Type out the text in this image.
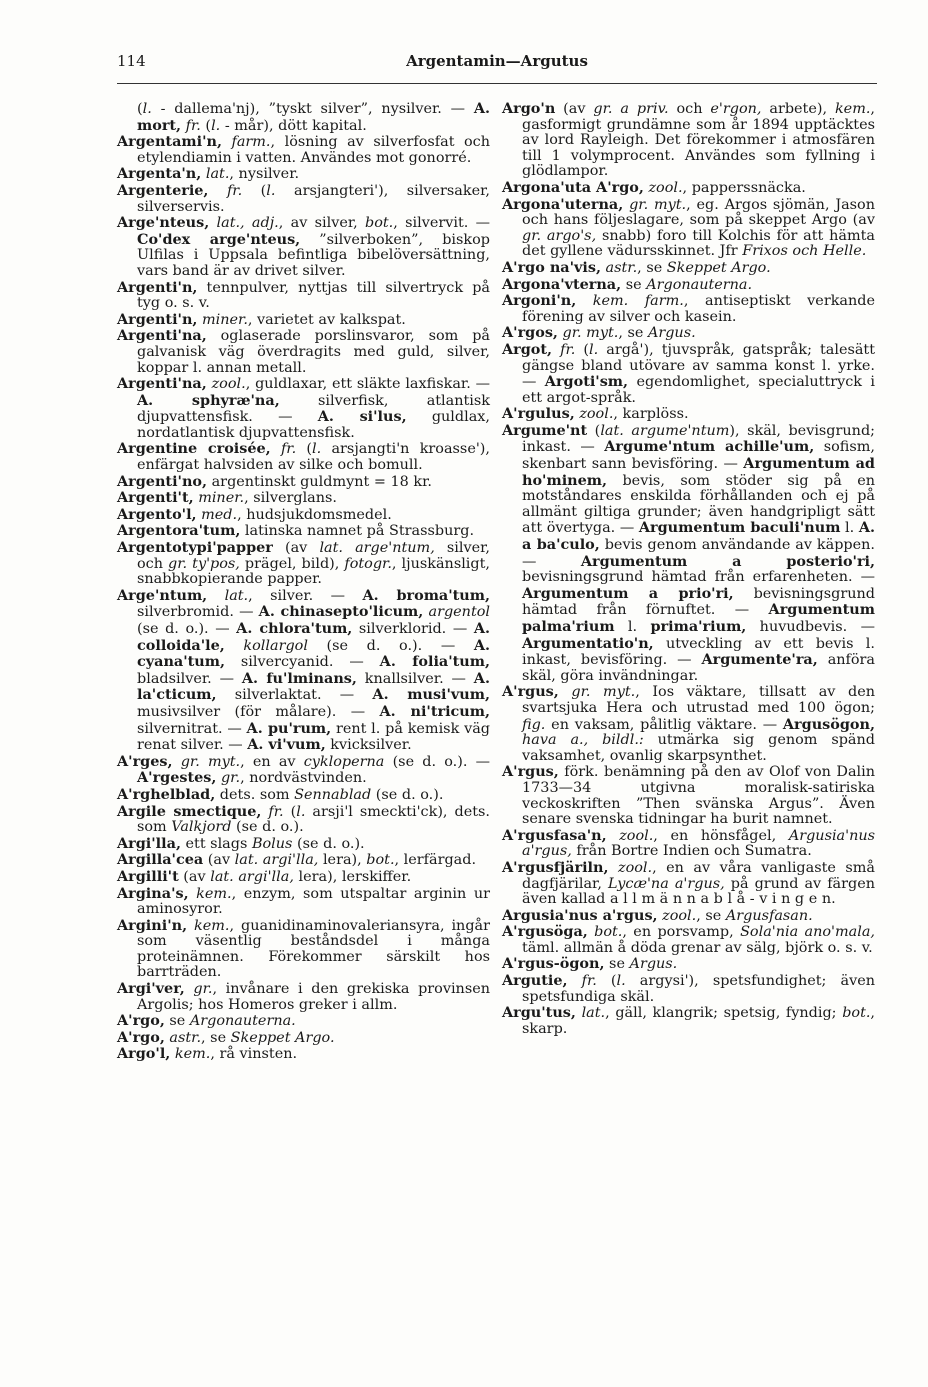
114	Argentamin—Argutus

(l. - dallema'nj), ”tyskt silver”, nysilver. — A. mort, fr. (l. - mår), dött kapital.

Argentami'n, farm., lösning av silverfosfat och etylendiamin i vatten. Användes mot gonorré.

Argenta'n, lat., nysilver.

Argenterie, fr. (l. arsjangteri'), silversaker, silverservis.

Arge'nteus, lat., adj., av silver, bot., silvervit. — Co'dex arge'nteus, ”silverboken”, biskop Ulfilas i Uppsala befintliga bibelöversättning, vars band är av drivet silver.

Argenti'n, tennpulver, nyttjas till silvertryck på tyg o. s. v.

Argenti'n, miner., varietet av kalkspat.

Argenti'na, oglaserade porslinsvaror, som på galvanisk väg överdragits med guld, silver, koppar l. annan metall.

Argenti'na, zool., guldlaxar, ett släkte laxfiskar. — A. sphyræ'na, silverfisk, atlantisk djupvattensfisk. — A. si'lus, guldlax, nordatlantisk djupvattensfisk.

Argentine croisée, fr. (l. arsjangti'n kroasse'), enfärgat halvsiden av silke och bomull.

Argenti'no, argentinskt guldmynt = 18 kr.

Argenti't, miner., silverglans.

Argento'l, med., hudsjukdomsmedel.

Argentora'tum, latinska namnet på Strassburg.

Argentotypi'papper (av lat. arge'ntum, silver, och gr. ty'pos, prägel, bild), fotogr., ljuskänsligt, snabbkopierande papper.

Arge'ntum, lat., silver. — A. broma'tum, silverbromid. — A. chinasepto'licum, argentol (se d. o.). — A. chlora'tum, silverklorid. — A. colloida'le, kollargol (se d. o.). — A. cyana'tum, silvercyanid. — A. folia'tum, bladsilver. — A. fu'lminans, knallsilver. — A. la'cticum, silverlaktat. — A. musi'vum, musivsilver (för målare). — A. ni'tricum, silvernitrat. — A. pu'rum, rent l. på kemisk väg renat silver. — A. vi'vum, kvicksilver.

A'rges, gr. myt., en av cykloperna (se d. o.). — A'rgestes, gr., nordvästvinden.

A'rghelblad, dets. som Sennablad (se d. o.).

Argile smectique, fr. (l. arsji'l smeckti'ck), dets. som Valkjord (se d. o.).

Argi'lla, ett slags Bolus (se d. o.).

Argilla'cea (av lat. argi'lla, lera), bot., lerfärgad.

Argilli't (av lat. argi'lla, lera), lerskiffer.

Argina's, kem., enzym, som utspaltar arginin ur aminosyror.

Argini'n, kem., guanidinaminovaleriansyra, ingår som väsentlig beståndsdel i många proteinämnen. Förekommer särskilt hos barrträden.

Argi'ver, gr., invånare i den grekiska provinsen Argolis; hos Homeros greker i allm.

A'rgo, se Argonauterna.

A'rgo, astr., se Skeppet Argo.

Argo'l, kem., rå vinsten.

Argo'n (av gr. a priv. och e'rgon, arbete), kem., gasformigt grundämne som år 1894 upptäcktes av lord Rayleigh. Det förekommer i atmosfären till 1 volymprocent. Användes som fyllning i glödlampor.

Argona'uta A'rgo, zool., papperssnäcka.

Argona'uterna, gr. myt., eg. Argos sjömän, Jason och hans följeslagare, som på skeppet Argo (av gr. argo's, snabb) foro till Kolchis för att hämta det gyllene vädursskinnet. Jfr Frixos och Helle.

A'rgo na'vis, astr., se Skeppet Argo.

Argona'vterna, se Argonauterna.

Argoni'n, kem. farm., antiseptiskt verkande förening av silver och kasein.

A'rgos, gr. myt., se Argus.

Argot, fr. (l. argå'), tjuvspråk, gatspråk; talesätt gängse bland utövare av samma konst l. yrke. — Argoti'sm, egendomlighet, specialuttryck i ett argot-språk.

A'rgulus, zool., karplöss.

Argume'nt (lat. argume'ntum), skäl, bevisgrund; inkast. — Argume'ntum achille'um, sofism, skenbart sann bevisföring. — Argumentum ad ho'minem, bevis, som stöder sig på en motståndares enskilda förhållanden och ej på allmänt giltiga grunder; även handgripligt sätt att övertyga. — Argumentum baculi'num l. A. a ba'culo, bevis genom användande av käppen. — Argumentum a posterio'ri, bevisningsgrund hämtad från erfarenheten. — Argumentum a prio'ri, bevisningsgrund hämtad från förnuftet. — Argumentum palma'rium l. prima'rium, huvudbevis. — Argumentatio'n, utveckling av ett bevis l. inkast, bevisföring. — Argumente'ra, anföra skäl, göra invändningar.

A'rgus, gr. myt., Ios väktare, tillsatt av den svartsjuka Hera och utrustad med 100 ögon; fig. en vaksam, pålitlig väktare. — Argusögon, hava a., bildl.: utmärka sig genom spänd vaksamhet, ovanlig skarpsynthet.

A'rgus, förk. benämning på den av Olof von Dalin 1733—34 utgivna moralisk-satiriska veckoskriften ”Then svänska Argus”. Även senare svenska tidningar ha burit namnet.

A'rgusfasa'n, zool., en hönsfågel, Argusia'nus a'rgus, från Bortre Indien och Sumatra.

A'rgusfjäriln, zool., en av våra vanligaste små dagfjärilar, Lycæ'na a'rgus, på grund av färgen även kallad a l l m ä n n a b l å - v i n g e n.

Argusia'nus a'rgus, zool., se Argusfasan.

A'rgusöga, bot., en porsvamp, Sola'nia ano'mala, täml. allmän å döda grenar av sälg, björk o. s. v.

A'rgus-ögon, se Argus.

Argutie, fr. (l. argysi'), spetsfundighet; även spetsfundiga skäl.

Argu'tus, lat., gäll, klangrik; spetsig, fyndig; bot., skarp.
